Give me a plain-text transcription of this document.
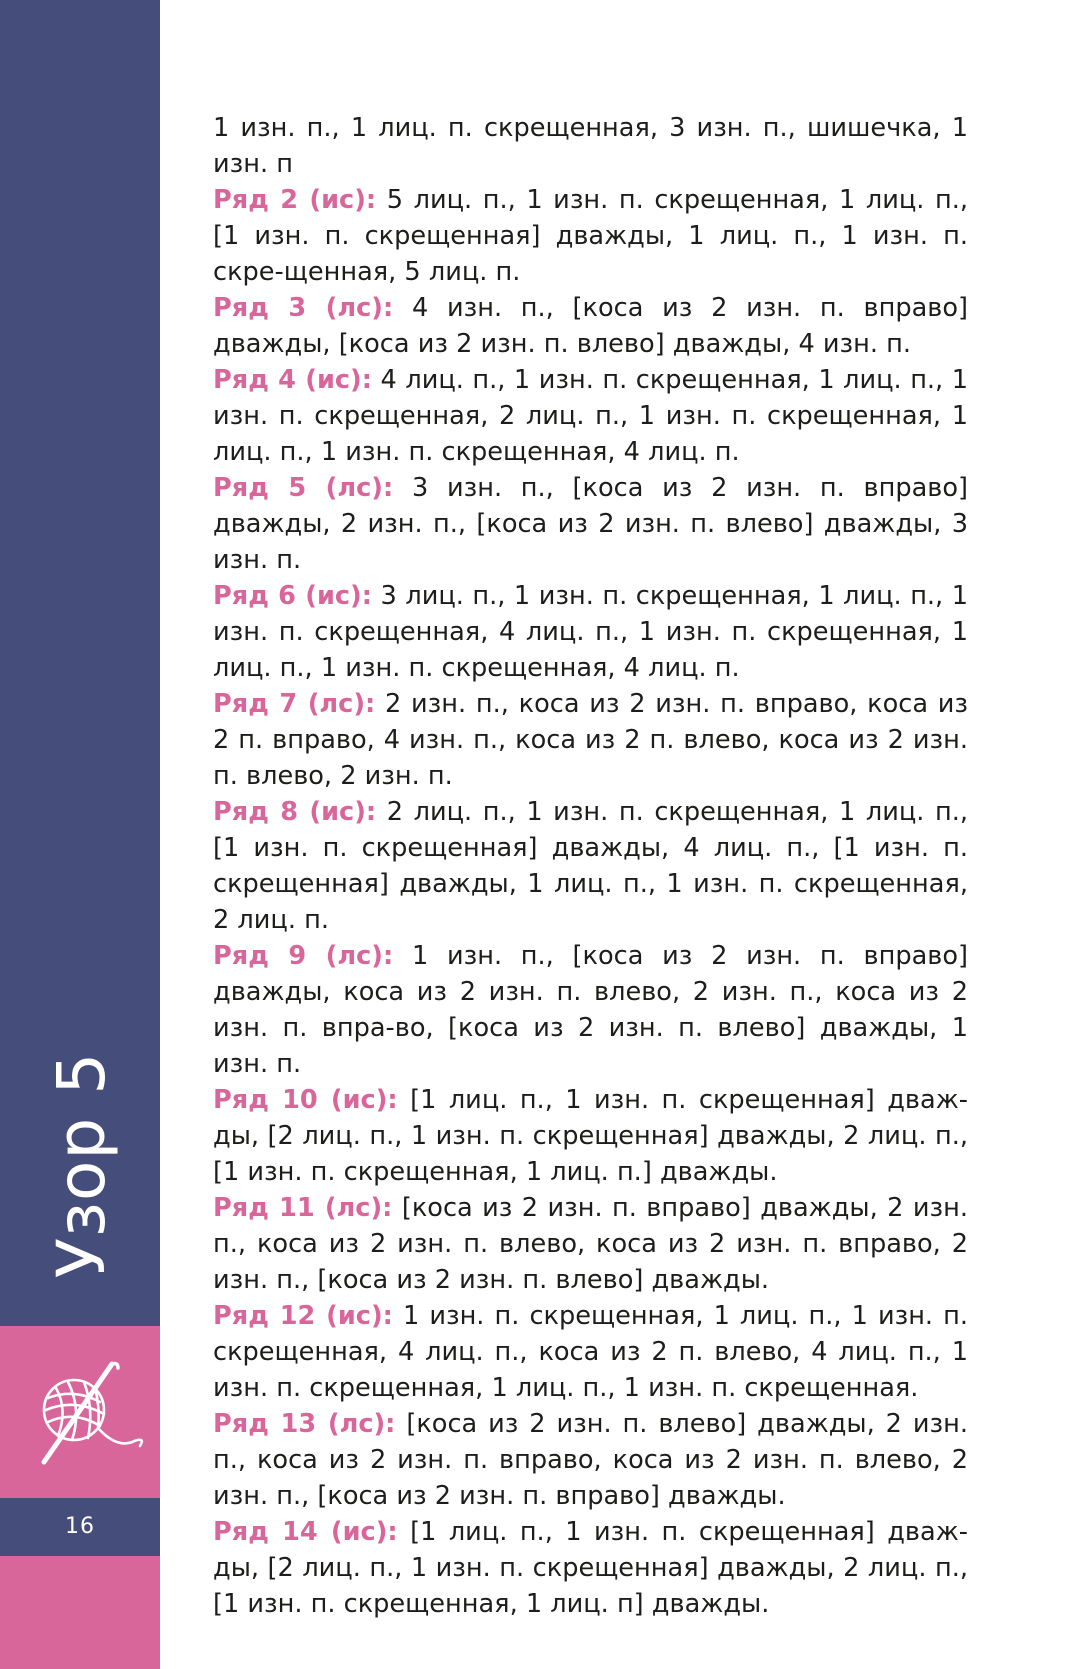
Узор 5
16

1 изн. п., 1 лиц. п. скрещенная, 3 изн. п., шишечка, 1 изн. п

Ряд 2 (ис): 5 лиц. п., 1 изн. п. скрещенная, 1 лиц. п., [1 изн. п. скрещенная] дважды, 1 лиц. п., 1 изн. п. скре-щенная, 5 лиц. п.

Ряд 3 (лс): 4 изн. п., [коса из 2 изн. п. вправо] дважды, [коса из 2 изн. п. влево] дважды, 4 изн. п.

Ряд 4 (ис): 4 лиц. п., 1 изн. п. скрещенная, 1 лиц. п., 1 изн. п. скрещенная, 2 лиц. п., 1 изн. п. скрещенная, 1 лиц. п., 1 изн. п. скрещенная, 4 лиц. п.

Ряд 5 (лс): 3 изн. п., [коса из 2 изн. п. вправо] дважды, 2 изн. п., [коса из 2 изн. п. влево] дважды, 3 изн. п.

Ряд 6 (ис): 3 лиц. п., 1 изн. п. скрещенная, 1 лиц. п., 1 изн. п. скрещенная, 4 лиц. п., 1 изн. п. скрещенная, 1 лиц. п., 1 изн. п. скрещенная, 4 лиц. п.

Ряд 7 (лс): 2 изн. п., коса из 2 изн. п. вправо, коса из 2 п. вправо, 4 изн. п., коса из 2 п. влево, коса из 2 изн. п. влево, 2 изн. п.

Ряд 8 (ис): 2 лиц. п., 1 изн. п. скрещенная, 1 лиц. п., [1 изн. п. скрещенная] дважды, 4 лиц. п., [1 изн. п. скрещенная] дважды, 1 лиц. п., 1 изн. п. скрещенная, 2 лиц. п.

Ряд 9 (лс): 1 изн. п., [коса из 2 изн. п. вправо] дважды, коса из 2 изн. п. влево, 2 изн. п., коса из 2 изн. п. впра-во, [коса из 2 изн. п. влево] дважды, 1 изн. п.

Ряд 10 (ис): [1 лиц. п., 1 изн. п. скрещенная] дваж-ды, [2 лиц. п., 1 изн. п. скрещенная] дважды, 2 лиц. п., [1 изн. п. скрещенная, 1 лиц. п.] дважды.

Ряд 11 (лс): [коса из 2 изн. п. вправо] дважды, 2 изн. п., коса из 2 изн. п. влево, коса из 2 изн. п. вправо, 2 изн. п., [коса из 2 изн. п. влево] дважды.

Ряд 12 (ис): 1 изн. п. скрещенная, 1 лиц. п., 1 изн. п. скрещенная, 4 лиц. п., коса из 2 п. влево, 4 лиц. п., 1 изн. п. скрещенная, 1 лиц. п., 1 изн. п. скрещенная.

Ряд 13 (лс): [коса из 2 изн. п. влево] дважды, 2 изн. п., коса из 2 изн. п. вправо, коса из 2 изн. п. влево, 2 изн. п., [коса из 2 изн. п. вправо] дважды.

Ряд 14 (ис): [1 лиц. п., 1 изн. п. скрещенная] дваж-ды, [2 лиц. п., 1 изн. п. скрещенная] дважды, 2 лиц. п., [1 изн. п. скрещенная, 1 лиц. п] дважды.
